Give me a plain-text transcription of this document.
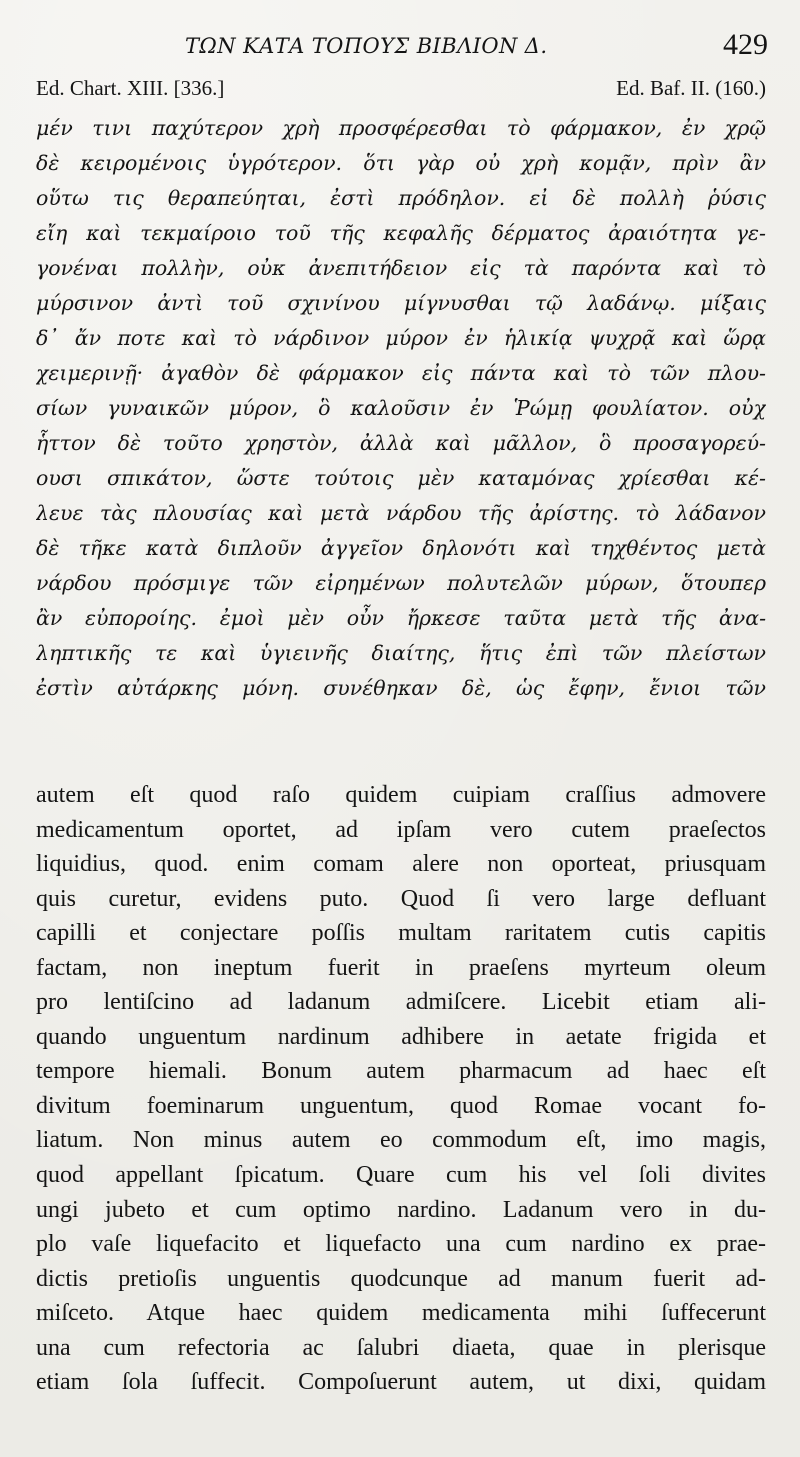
ΤΩΝ ΚΑΤΑ ΤΟΠΟΥΣ ΒΙΒΛΙΟΝ Δ.	429
Ed. Chart. XIII. [336.]	Ed. Baf. II. (160.)
μέν τινι παχύτερον χρὴ προσφέρεσθαι τὸ φάρμακον, ἐν χρῷ
δὲ κειρομένοις ὑγρότερον. ὅτι γὰρ οὐ χρὴ κομᾷν, πρὶν ἂν
οὕτω τις θεραπεύηται, ἐστὶ πρόδηλον. εἰ δὲ πολλὴ ῥύσις
εἴη καὶ τεκμαίροιο τοῦ τῆς κεφαλῆς δέρματος ἀραιότητα γε-
γονέναι πολλὴν, οὐκ ἀνεπιτήδειον εἰς τὰ παρόντα καὶ τὸ
μύρσινον ἀντὶ τοῦ σχινίνου μίγνυσθαι τῷ λαδάνῳ. μίξαις
δ᾽ ἄν ποτε καὶ τὸ νάρδινον μύρον ἐν ἡλικίᾳ ψυχρᾷ καὶ ὥρᾳ
χειμερινῇ· ἀγαθὸν δὲ φάρμακον εἰς πάντα καὶ τὸ τῶν πλου-
σίων γυναικῶν μύρον, ὃ καλοῦσιν ἐν Ῥώμῃ φουλίατον. οὐχ
ἧττον δὲ τοῦτο χρηστὸν, ἀλλὰ καὶ μᾶλλον, ὃ προσαγορεύ-
ουσι σπικάτον, ὥστε τούτοις μὲν καταμόνας χρίεσθαι κέ-
λευε τὰς πλουσίας καὶ μετὰ νάρδου τῆς ἀρίστης. τὸ λάδανον
δὲ τῆκε κατὰ διπλοῦν ἀγγεῖον δηλονότι καὶ τηχθέντος μετὰ
νάρδου πρόσμιγε τῶν εἰρημένων πολυτελῶν μύρων, ὅτουπερ
ἂν εὐπορoίης. ἐμοὶ μὲν οὖν ἤρκεσε ταῦτα μετὰ τῆς ἀνα-
ληπτικῆς τε καὶ ὑγιεινῆς διαίτης, ἥτις ἐπὶ τῶν πλείστων
ἐστὶν αὐτάρκης μόνη. συνέθηκαν δὲ, ὡς ἔφην, ἔνιοι τῶν
autem eſt quod raſo quidem cuipiam craſſius admovere
medicamentum oportet, ad ipſam vero cutem praeſectos
liquidius, quod. enim comam alere non oporteat, priusquam
quis curetur, evidens puto. Quod ſi vero large defluant
capilli et conjectare poſſis multam raritatem cutis capitis
factam, non ineptum fuerit in praeſens myrteum oleum
pro lentiſcino ad ladanum admiſcere. Licebit etiam ali-
quando unguentum nardinum adhibere in aetate frigida et
tempore hiemali. Bonum autem pharmacum ad haec eſt
divitum foeminarum unguentum, quod Romae vocant fo-
liatum. Non minus autem eo commodum eſt, imo magis,
quod appellant ſpicatum. Quare cum his vel ſoli divites
ungi jubeto et cum optimo nardino. Ladanum vero in du-
plo vaſe liquefacito et liquefacto una cum nardino ex prae-
dictis pretioſis unguentis quodcunque ad manum fuerit ad-
miſceto. Atque haec quidem medicamenta mihi ſuffecerunt
una cum refectoria ac ſalubri diaeta, quae in plerisque
etiam ſola ſuffecit. Compoſuerunt autem, ut dixi, quidam
